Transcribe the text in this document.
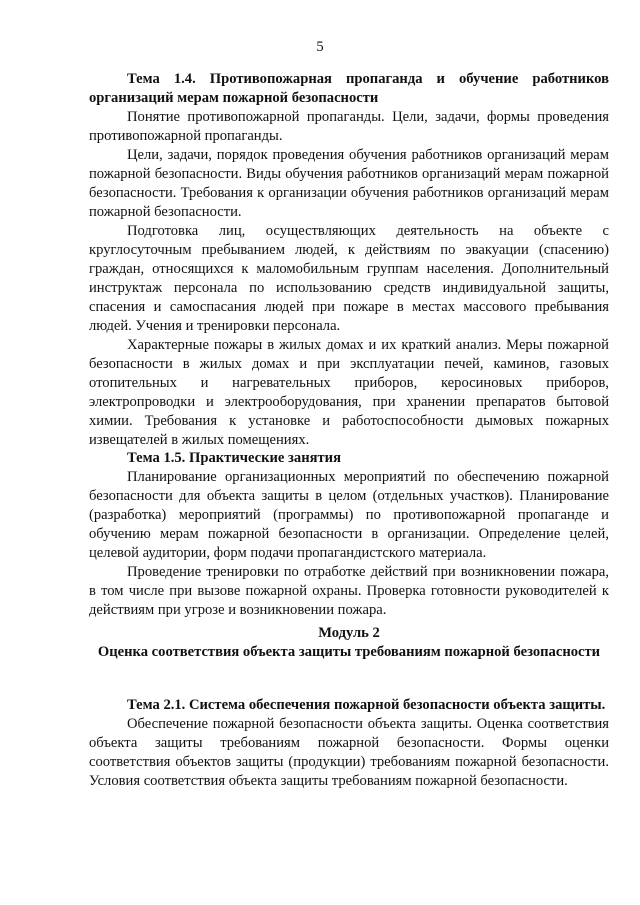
5
Тема 1.4. Противопожарная пропаганда и обучение работников организаций мерам пожарной безопасности
Понятие противопожарной пропаганды. Цели, задачи, формы проведения противопожарной пропаганды.
Цели, задачи, порядок проведения обучения работников организаций мерам пожарной безопасности. Виды обучения работников организаций мерам пожарной безопасности. Требования к организации обучения работников организаций мерам пожарной безопасности.
Подготовка лиц, осуществляющих деятельность на объекте с круглосуточным пребыванием людей, к действиям по эвакуации (спасению) граждан, относящихся к маломобильным группам населения. Дополнительный инструктаж персонала по использованию средств индивидуальной защиты, спасения и самоспасания людей при пожаре в местах массового пребывания людей. Учения и тренировки персонала.
Характерные пожары в жилых домах и их краткий анализ. Меры пожарной безопасности в жилых домах и при эксплуатации печей, каминов, газовых отопительных и нагревательных приборов, керосиновых приборов, электропроводки и электрооборудования, при хранении препаратов бытовой химии. Требования к установке и работоспособности дымовых пожарных извещателей в жилых помещениях.
Тема 1.5. Практические занятия
Планирование организационных мероприятий по обеспечению пожарной безопасности для объекта защиты в целом (отдельных участков). Планирование (разработка) мероприятий (программы) по противопожарной пропаганде и обучению мерам пожарной безопасности в организации. Определение целей, целевой аудитории, форм подачи пропагандистского материала.
Проведение тренировки по отработке действий при возникновении пожара, в том числе при вызове пожарной охраны. Проверка готовности руководителей к действиям при угрозе и возникновении пожара.
Модуль 2
Оценка соответствия объекта защиты требованиям пожарной безопасности
Тема 2.1. Система обеспечения пожарной безопасности объекта защиты.
Обеспечение пожарной безопасности объекта защиты. Оценка соответствия объекта защиты требованиям пожарной безопасности. Формы оценки соответствия объектов защиты (продукции) требованиям пожарной безопасности. Условия соответствия объекта защиты требованиям пожарной безопасности.
